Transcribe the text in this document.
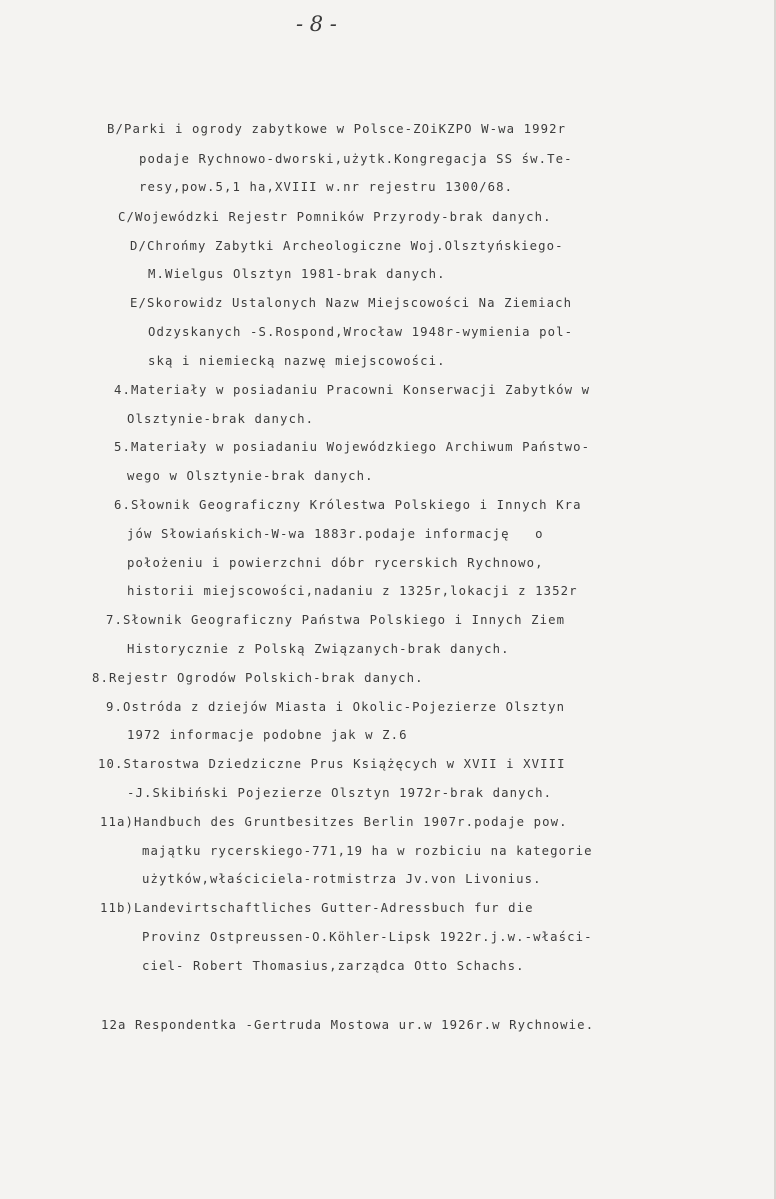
- 8 -
B/Parki i ogrody zabytkowe w Polsce-ZOiKZPO W-wa 1992r
podaje Rychnowo-dworski,użytk.Kongregacja SS św.Te-
resy,pow.5,1 ha,XVIII w.nr rejestru 1300/68.
C/Wojewódzki Rejestr Pomników Przyrody-brak danych.
D/Chrońmy Zabytki Archeologiczne Woj.Olsztyńskiego-
M.Wielgus Olsztyn 1981-brak danych.
E/Skorowidz Ustalonych Nazw Miejscowości Na Ziemiach
Odzyskanych -S.Rospond,Wrocław 1948r-wymienia pol-
ską i niemiecką nazwę miejscowości.
4.Materiały w posiadaniu Pracowni Konserwacji Zabytków w
Olsztynie-brak danych.
5.Materiały w posiadaniu Wojewódzkiego Archiwum Państwo-
wego w Olsztynie-brak danych.
6.Słownik Geograficzny Królestwa Polskiego i Innych Kra
jów Słowiańskich-W-wa 1883r.podaje informację   o
położeniu i powierzchni dóbr rycerskich Rychnowo,
historii miejscowości,nadaniu z 1325r,lokacji z 1352r
7.Słownik Geograficzny Państwa Polskiego i Innych Ziem
Historycznie z Polską Związanych-brak danych.
8.Rejestr Ogrodów Polskich-brak danych.
9.Ostróda z dziejów Miasta i Okolic-Pojezierze Olsztyn
1972 informacje podobne jak w Z.6
10.Starostwa Dziedziczne Prus Książęcych w XVII i XVIII
-J.Skibiński Pojezierze Olsztyn 1972r-brak danych.
11a)Handbuch des Gruntbesitzes Berlin 1907r.podaje pow.
majątku rycerskiego-771,19 ha w rozbiciu na kategorie
użytków,właściciela-rotmistrza Jv.von Livonius.
11b)Landevirtschaftliches Gutter-Adressbuch fur die
Provinz Ostpreussen-O.Köhler-Lipsk 1922r.j.w.-właści-
ciel- Robert Thomasius,zarządca Otto Schachs.
12a Respondentka -Gertruda Mostowa ur.w 1926r.w Rychnowie.
